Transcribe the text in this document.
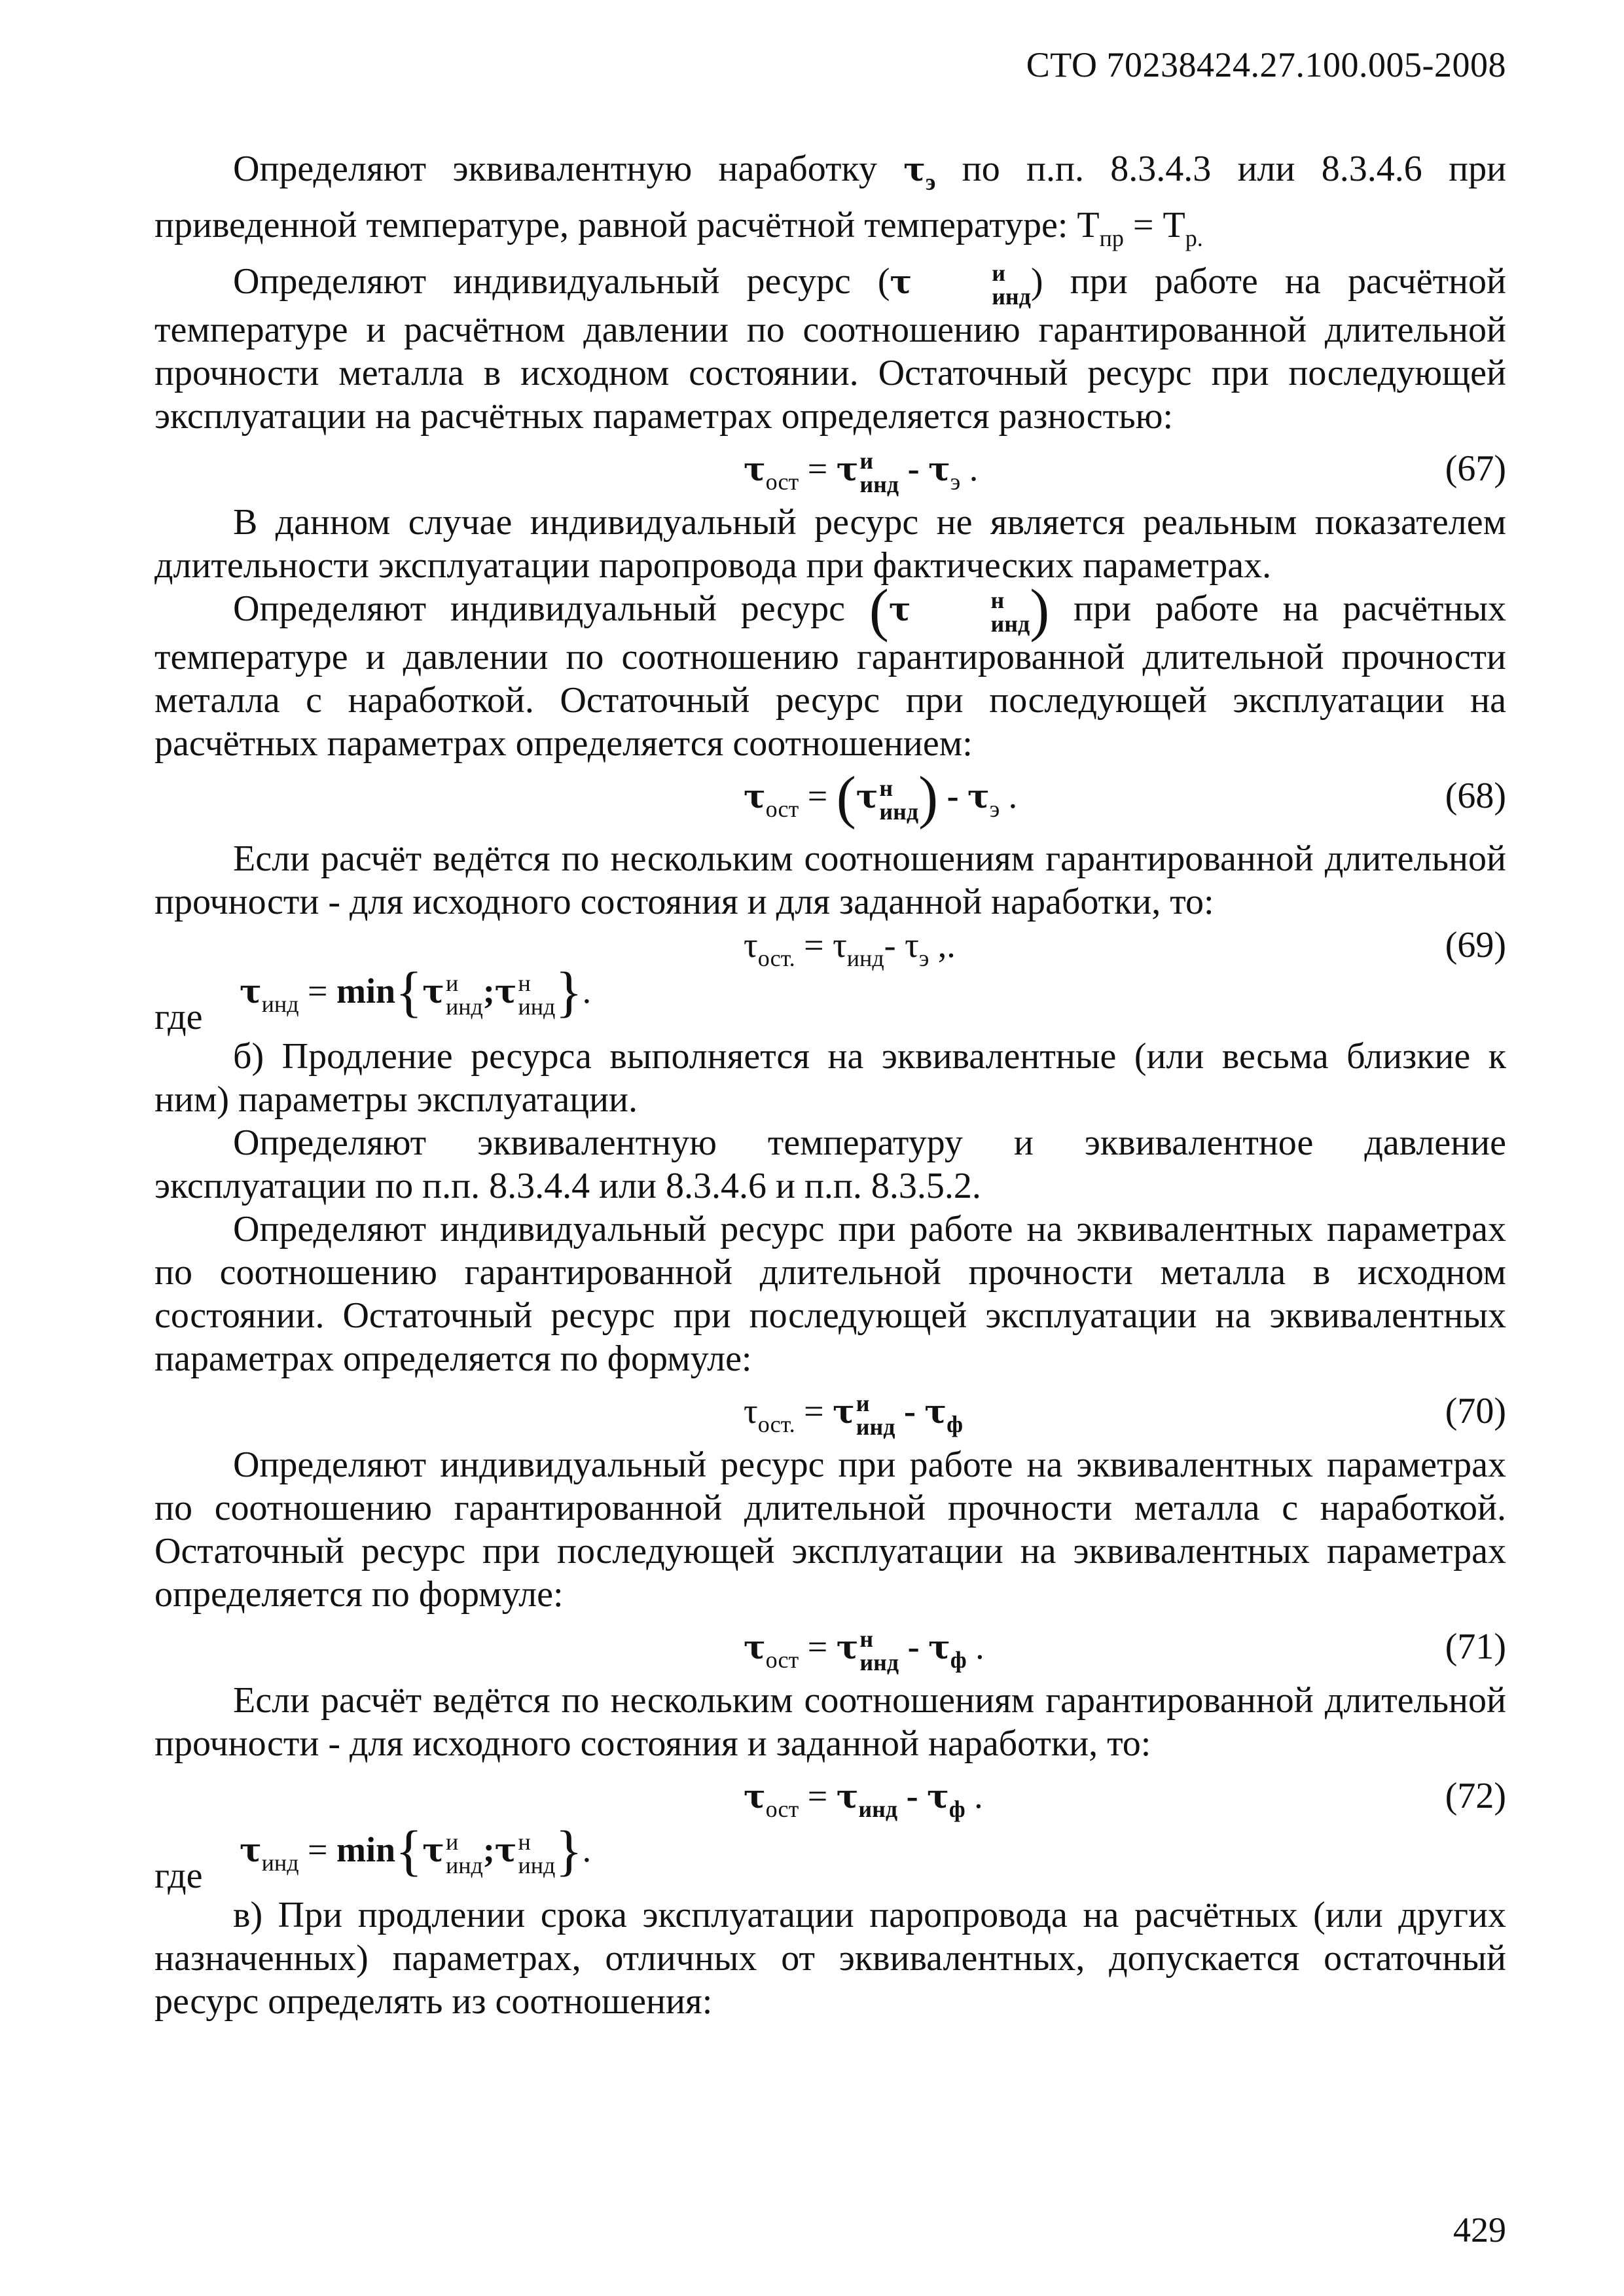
СТО 70238424.27.100.005-2008

Определяют эквивалентную наработку $\tau_э$ по п.п. 8.3.4.3 или 8.3.4.6 при приведенной температуре, равной расчётной температуре: $Т_{пр} = Т_{р.}$

Определяют индивидуальный ресурс (τ	и
инд ) при работе на расчётной температуре и расчётном давлении по соотношению гарантированной длительной прочности металла в исходном состоянии. Остаточный ресурс при последующей эксплуатации на расчётных параметрах определяется разностью:

$\tau_{ост} = \tau$ и
инд - $\tau_э$ .	(67)

В данном случае индивидуальный ресурс не является реальным показателем длительности эксплуатации паропровода при фактических параметрах.

Определяют индивидуальный ресурс (τ	н
инд ) при работе на расчётных температуре и давлении по соотношению гарантированной длительной прочности металла с наработкой. Остаточный ресурс при последующей эксплуатации на расчётных параметрах определяется соотношением:

$\tau_{ост} = (\tau$ н
инд ) - $\tau_э$ .	(68)

Если расчёт ведётся по нескольким соотношениям гарантированной длительной прочности - для исходного состояния и для заданной наработки, то:

$\tau_{ост.} = \tau_{инд}-$ $\tau_э$ ,.	(69)
где
$\tau_{инд} = \min\{\tau$ и
инд ;τ н
инд }.

б) Продление ресурса выполняется на эквивалентные (или весьма близкие к ним) параметры эксплуатации.

Определяют эквивалентную температуру и эквивалентное давление эксплуатации по п.п. 8.3.4.4 или 8.3.4.6 и п.п. 8.3.5.2.

Определяют индивидуальный ресурс при работе на эквивалентных параметрах по соотношению гарантированной длительной прочности металла в исходном состоянии. Остаточный ресурс при последующей эксплуатации на эквивалентных параметрах определяется по формуле:

$\tau_{ост.} = \tau$ и
инд - $\tau_ф$	(70)

Определяют индивидуальный ресурс при работе на эквивалентных параметрах по соотношению гарантированной длительной прочности металла с наработкой. Остаточный ресурс при последующей эксплуатации на эквивалентных параметрах определяется по формуле:

$\tau_{ост} = \tau$ н
инд - $\tau_ф$ .	(71)

Если расчёт ведётся по нескольким соотношениям гарантированной длительной прочности - для исходного состояния и заданной наработки, то:

$\tau_{ост} = \tau_{инд} - \tau_ф$ .	(72)
где
$\tau_{инд} = \min\{\tau$ и
инд ;τ н
инд }.

в) При продлении срока эксплуатации паропровода на расчётных (или других назначенных) параметрах, отличных от эквивалентных, допускается остаточный ресурс определять из соотношения:

429
